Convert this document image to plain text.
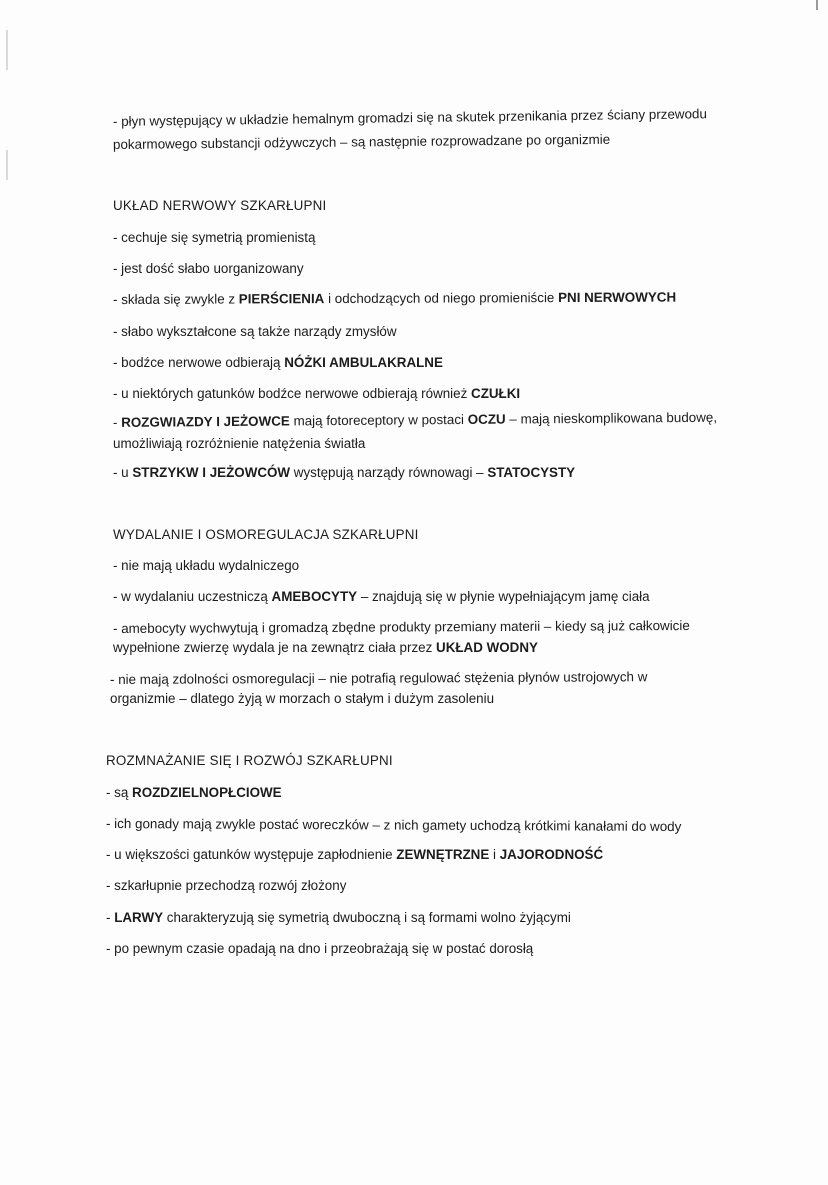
- płyn występujący w układzie hemalnym gromadzi się na skutek przenikania przez ściany przewodu
pokarmowego substancji odżywczych – są następnie rozprowadzane po organizmie
UKŁAD NERWOWY SZKARŁUPNI
- cechuje się symetrią promienistą
- jest dość słabo uorganizowany
- składa się zwykle z PIERŚCIENIA i odchodzących od niego promieniście PNI NERWOWYCH
- słabo wykształcone są także narządy zmysłów
- bodźce nerwowe odbierają NÓŻKI AMBULAKRALNE
- u niektórych gatunków bodźce nerwowe odbierają również CZUŁKI
- ROZGWIAZDY I JEŻOWCE mają fotoreceptory w postaci OCZU – mają nieskomplikowana budowę,
umożliwiają rozróżnienie natężenia światła
- u STRZYKW I JEŻOWCÓW występują narządy równowagi – STATOCYSTY
WYDALANIE I OSMOREGULACJA SZKARŁUPNI
- nie mają układu wydalniczego
- w wydalaniu uczestniczą AMEBOCYTY – znajdują się w płynie wypełniającym jamę ciała
- amebocyty wychwytują i gromadzą zbędne produkty przemiany materii – kiedy są już całkowicie
wypełnione zwierzę wydala je na zewnątrz ciała przez UKŁAD WODNY
- nie mają zdolności osmoregulacji – nie potrafią regulować stężenia płynów ustrojowych w
organizmie – dlatego żyją w morzach o stałym i dużym zasoleniu
ROZMNAŻANIE SIĘ I ROZWÓJ SZKARŁUPNI
- są ROZDZIELNOPŁCIOWE
- ich gonady mają zwykle postać woreczków – z nich gamety uchodzą krótkimi kanałami do wody
- u większości gatunków występuje zapłodnienie ZEWNĘTRZNE i JAJORODNOŚĆ
- szkarłupnie przechodzą rozwój złożony
- LARWY charakteryzują się symetrią dwuboczną i są formami wolno żyjącymi
- po pewnym czasie opadają na dno i przeobrażają się w postać dorosłą
